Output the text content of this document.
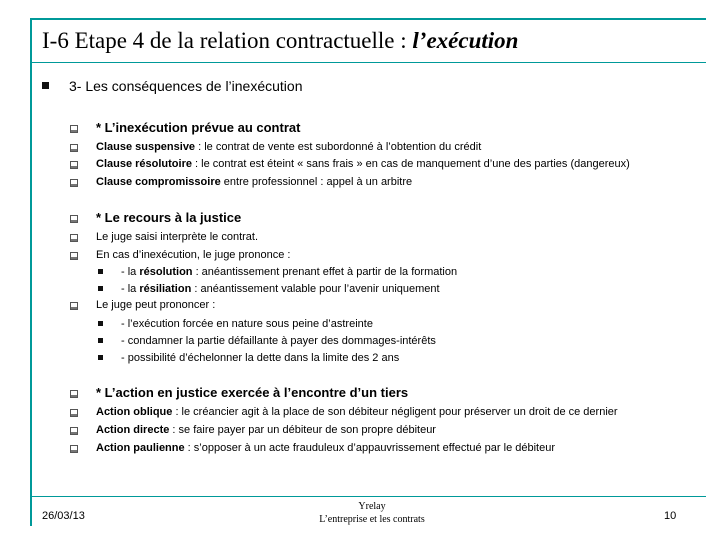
I-6 Etape 4 de la relation contractuelle : l’exécution
3- Les conséquences de l’inexécution
* L’inexécution prévue au contrat
Clause suspensive : le contrat de vente est subordonné à l’obtention du crédit
Clause résolutoire : le contrat est éteint « sans frais » en cas de manquement d’une des parties (dangereux)
Clause compromissoire entre professionnel : appel à un arbitre
* Le recours à la justice
Le juge saisi interprète le contrat.
En cas d’inexécution, le juge prononce :
- la résolution : anéantissement prenant effet à partir de la formation
- la résiliation : anéantissement valable pour l’avenir uniquement
Le juge peut prononcer :
- l’exécution forcée en nature sous peine d’astreinte
- condamner la partie défaillante à payer des dommages-intérêts
- possibilité d’échelonner la dette dans la limite des 2 ans
* L’action en justice exercée à l’encontre d’un tiers
Action oblique : le créancier agit à la place de son débiteur négligent pour préserver un droit de ce dernier
Action directe : se faire payer par un débiteur de son propre débiteur
Action paulienne : s’opposer à un acte frauduleux d’appauvrissement effectué par le débiteur
26/03/13
Yrelay
L’entreprise et les contrats	10
